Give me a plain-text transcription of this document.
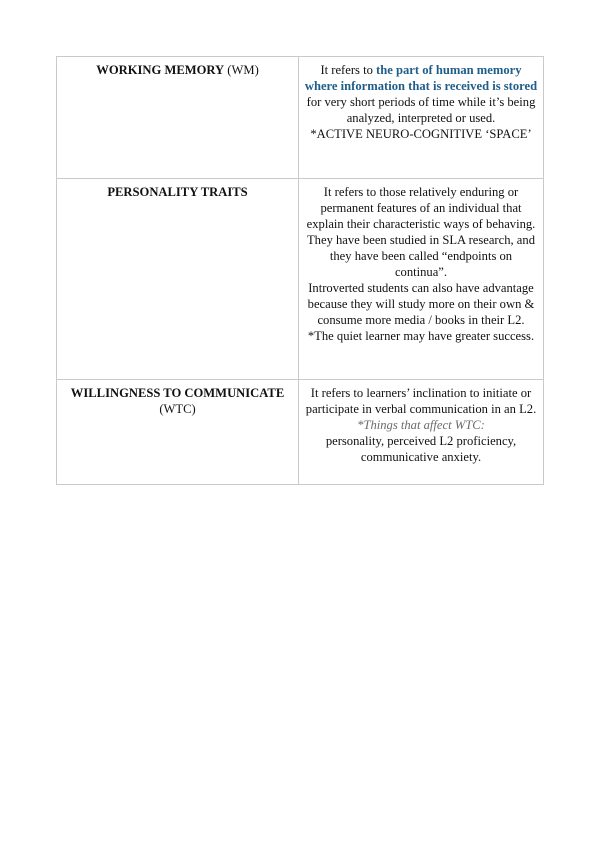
WORKING MEMORY (WM)	It refers to the part of human memory where information that is received is stored for very short periods of time while it’s being analyzed, interpreted or used.
*ACTIVE NEURO-COGNITIVE ‘SPACE’

PERSONALITY TRAITS	It refers to those relatively enduring or permanent features of an individual that explain their characteristic ways of behaving.
They have been studied in SLA research, and they have been called “endpoints on continua”.
Introverted students can also have advantage because they will study more on their own & consume more media / books in their L2. *The quiet learner may have greater success.

WILLINGNESS TO COMMUNICATE
(WTC)	It refers to learners’ inclination to initiate or participate in verbal communication in an L2.
*Things that affect WTC:
personality, perceived L2 proficiency, communicative anxiety.
